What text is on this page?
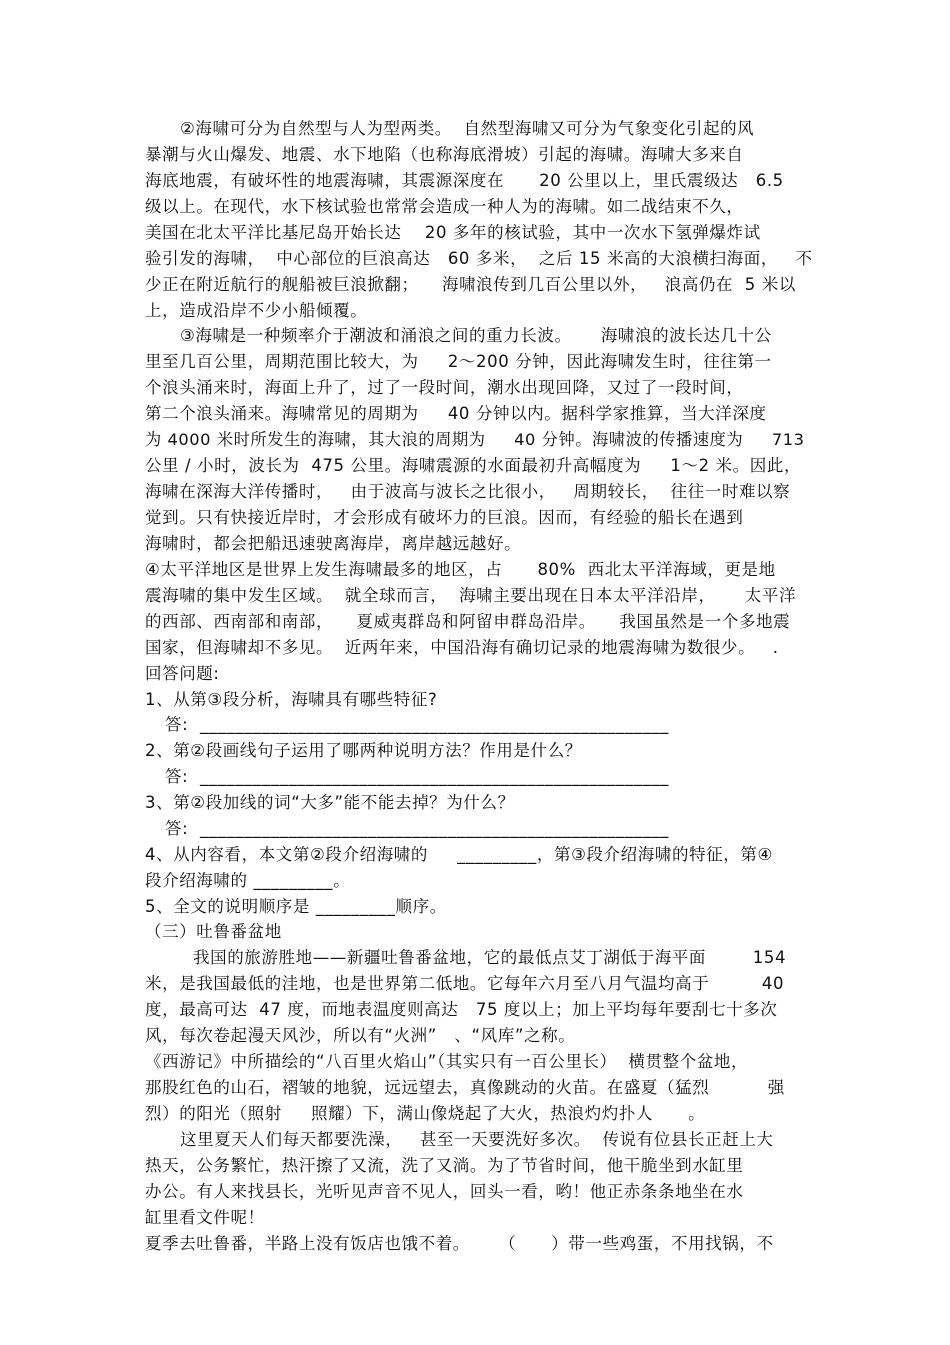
②海啸可分为自然型与人为型两类。  自然型海啸又可分为气象变化引起的风
暴潮与火山爆发、地震、水下地陷（也称海底滑坡）引起的海啸。海啸大多来自
海底地震，有破坏性的地震海啸，其震源深度在      20 公里以上，里氏震级达   6.5
级以上。在现代，水下核试验也常常会造成一种人为的海啸。如二战结束不久，
美国在北太平洋比基尼岛开始长达    20 多年的核试验，其中一次水下氢弹爆炸试
验引发的海啸，  中心部位的巨浪高达   60 多米，  之后 15 米高的大浪横扫海面，   不
少正在附近航行的舰船被巨浪掀翻；    海啸浪传到几百公里以外，   浪高仍在  5 米以
上，造成沿岸不少小船倾覆。
③海啸是一种频率介于潮波和涌浪之间的重力长波。     海啸浪的波长达几十公
里至几百公里，周期范围比较大，为     2～200 分钟，因此海啸发生时，往往第一
个浪头涌来时，海面上升了，过了一段时间，潮水出现回降，又过了一段时间，
第二个浪头涌来。海啸常见的周期为     40 分钟以内。据科学家推算，当大洋深度
为 4000 米时所发生的海啸，其大浪的周期为     40 分钟。海啸波的传播速度为     713
公里 / 小时，波长为  475 公里。海啸震源的水面最初升高幅度为     1～2 米。因此，
海啸在深海大洋传播时，   由于波高与波长之比很小，   周期较长，  往往一时难以察
觉到。只有快接近岸时，才会形成有破坏力的巨浪。因而，有经验的船长在遇到
海啸时，都会把船迅速驶离海岸，离岸越远越好。
④太平洋地区是世界上发生海啸最多的地区，占      80%  西北太平洋海域，更是地
震海啸的集中发生区域。  就全球而言，  海啸主要出现在日本太平洋沿岸，     太平洋
的西部、西南部和南部，    夏威夷群岛和阿留申群岛沿岸。    我国虽然是一个多地震
国家，但海啸却不多见。  近两年来，中国沿海有确切记录的地震海啸为数很少。   .
回答问题:
1、从第③段分析，海啸具有哪些特征?
答:  _____________________________________________________
2、第②段画线句子运用了哪两种说明方法？作用是什么？
答:  _____________________________________________________
3、第②段加线的词“大多”能不能去掉？为什么？
答:  _____________________________________________________
4、从内容看，本文第②段介绍海啸的     _________，第③段介绍海啸的特征，第④
段介绍海啸的 _________。
5、全文的说明顺序是 _________顺序。
（三）吐鲁番盆地
我国的旅游胜地——新疆吐鲁番盆地，它的最低点艾丁湖低于海平面        154
米，是我国最低的洼地，也是世界第二低地。它每年六月至八月气温均高于         40
度，最高可达  47 度，而地表温度则高达   75 度以上；加上平均每年要刮七十多次
风，每次卷起漫天风沙，所以有“火洲”   、“风库”之称。
《西游记》中所描绘的“八百里火焰山”（其实只有一百公里长）  横贯整个盆地，
那股红色的山石，褶皱的地貌，远远望去，真像跳动的火苗。在盛夏（猛烈          强
烈）的阳光（照射     照耀）下，满山像烧起了大火，热浪灼灼扑人      。
这里夏天人们每天都要洗澡，   甚至一天要洗好多次。  传说有位县长正赶上大
热天，公务繁忙，热汗擦了又流，洗了又淌。为了节省时间，他干脆坐到水缸里
办公。有人来找县长，光听见声音不见人，回头一看，哟！他正赤条条地坐在水
缸里看文件呢！
夏季去吐鲁番，半路上没有饭店也饿不着。     （      ）带一些鸡蛋，不用找锅，不
